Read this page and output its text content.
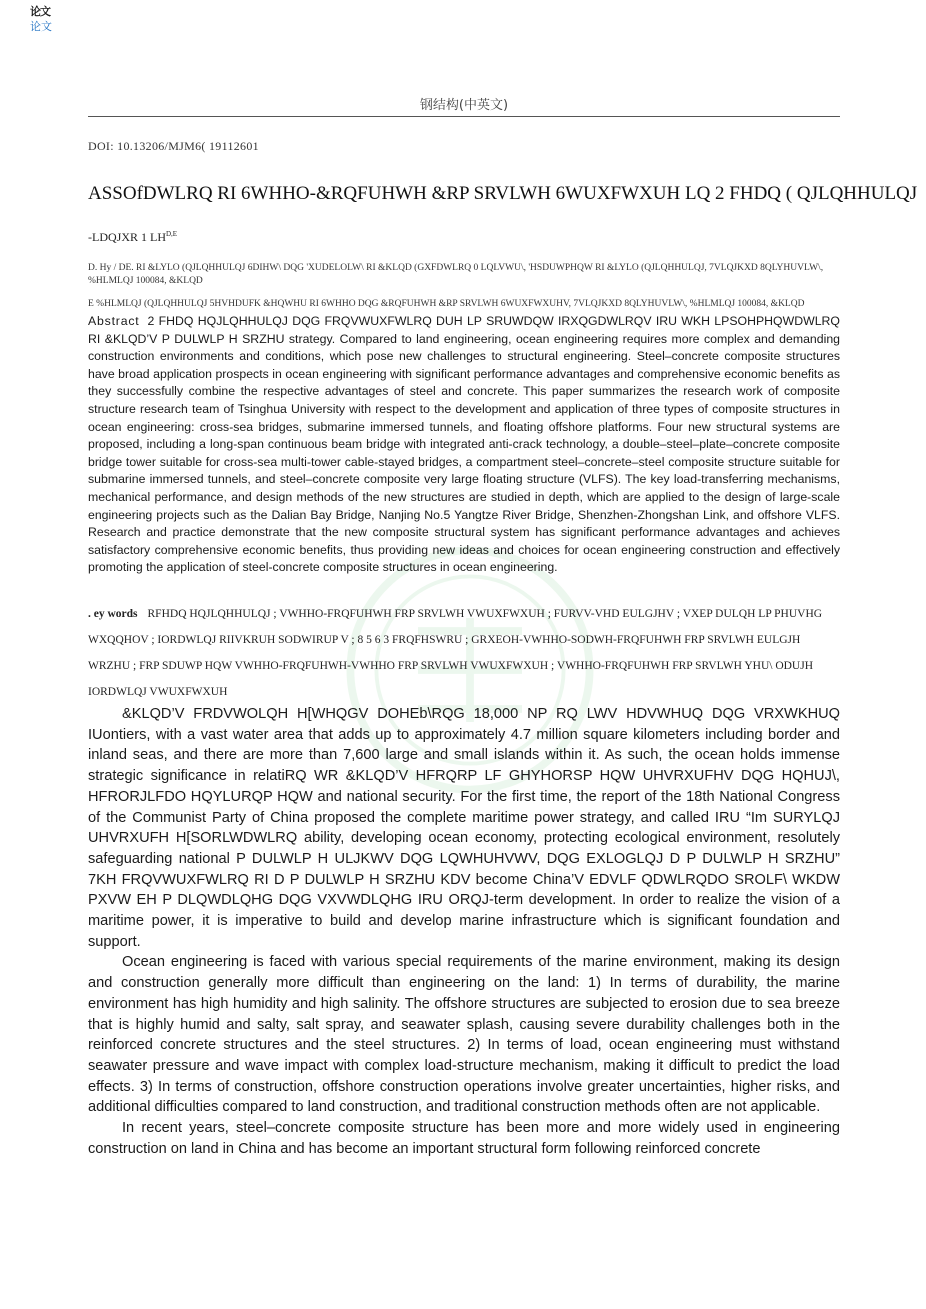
论文
论文
钢结构(中英文)
DOI: 10.13206/MJM6( 19112601
ASSOfDWLRQ RI 6WHHO-&RQFUHWH &RP SRVLWH 6WUXFWXUH LQ 2 FHDQ ( QJLQHHULQJ
-LDQJXR 1 $LH^{D,E}$
D. Hy / DE. RI &LYLO (QJLQHHULQJ 6DIHW\ DQG 'XUDELOLW\ RI &KLQD (GXFDWLRQ 0 LQLVWU\, 'HSDUWPHQW RI &LYLO (QJLQHHULQJ, 7VLQJKXD 8QLYHUVLW\, %HLMLQJ 100084, &KLQD
E %HLMLQJ (QJLQHHULQJ 5HVHDUFK &HQWHU RI 6WHHO DQG &RQFUHWH &RP SRVLWH 6WUXFWXUHV, 7VLQJKXD 8QLYHUVLW\, %HLMLQJ 100084, &KLQD

Abstract 2 FHDQ HQJLQHHULQJ DQG FRQVWUXFWLRQ DUH LP SRUWDQW IRXQGDWLRQV IRU WKH LPSOHPHQWDWLRQ RI &KLQD’V P DULWLP H SRZHU strategy. Compared to land engineering, ocean engineering requires more complex and demanding construction environments and conditions, which pose new challenges to structural engineering. Steel–concrete composite structures have broad application prospects in ocean engineering with significant performance advantages and comprehensive economic benefits as they successfully combine the respective advantages of steel and concrete. This paper summarizes the research work of composite structure research team of Tsinghua University with respect to the development and application of three types of composite structures in ocean engineering: cross-sea bridges, submarine immersed tunnels, and floating offshore platforms. Four new structural systems are proposed, including a long-span continuous beam bridge with integrated anti-crack technology, a double–steel–plate–concrete composite bridge tower suitable for cross-sea multi-tower cable-stayed bridges, a compartment steel–concrete–steel composite structure suitable for submarine immersed tunnels, and steel–concrete composite very large floating structure (VLFS). The key load-transferring mechanisms, mechanical performance, and design methods of the new structures are studied in depth, which are applied to the design of large-scale engineering projects such as the Dalian Bay Bridge, Nanjing No.5 Yangtze River Bridge, Shenzhen-Zhongshan Link, and offshore VLFS. Research and practice demonstrate that the new composite structural system has significant performance advantages and achieves satisfactory comprehensive economic benefits, thus providing new ideas and choices for ocean engineering construction and effectively promoting the application of steel-concrete composite structures in ocean engineering.

. ey words RFHDQ HQJLQHHULQJ ; VWHHO-FRQFUHWH FRP SRVLWH VWUXFWXUH ; FURVV-VHD EULGJHV ; VXEP DULQH LP PHUVHG WXQQHOV ; IORDWLQJ RIIVKRUH SODWIRUP V ; 8 5 6 3 FRQFHSWRU ; GRXEOH-VWHHO-SODWH-FRQFUHWH FRP SRVLWH EULGJH WRZHU ; FRP SDUWP HQW VWHHO-FRQFUHWH-VWHHO FRP SRVLWH VWUXFWXUH ; VWHHO-FRQFUHWH FRP SRVLWH YHU\ ODUJH IORDWLQJ VWUXFWXUH

&KLQD’V FRDVWOLQH H[WHQGV DOHEb\RQG 18,000 NP RQ LWV HDVWHUQ DQG VRXWKHUQ IUontiers, with a vast water area that adds up to approximately 4.7 million square kilometers including border and inland seas, and there are more than 7,600 large and small islands within it. As such, the ocean holds immense strategic significance in relatiRQ WR &KLQD’V HFRQRP LF GHYHORSP HQW UHVRXUFHV DQG HQHUJ\, HFRORJLFDO HQYLURQP HQW and national security. For the first time, the report of the 18th National Congress of the Communist Party of China proposed the complete maritime power strategy, and called IRU “Im SURYLQJ UHVRXUFH H[SORLWDWLRQ ability, developing ocean economy, protecting ecological environment, resolutely safeguarding national P DULWLP H ULJKWV DQG LQWHUHVWV, DQG EXLOGLQJ D P DULWLP H SRZHU” 7KH FRQVWUXFWLRQ RI D P DULWLP H SRZHU KDV become China’V EDVLF QDWLRQDO SROLF\ WKDW PXVW EH P DLQWDLQHG DQG VXVWDLQHG IRU ORQJ-term development. In order to realize the vision of a maritime power, it is imperative to build and develop marine infrastructure which is significant foundation and support.

Ocean engineering is faced with various special requirements of the marine environment, making its design and construction generally more difficult than engineering on the land: 1) In terms of durability, the marine environment has high humidity and high salinity. The offshore structures are subjected to erosion due to sea breeze that is highly humid and salty, salt spray, and seawater splash, causing severe durability challenges both in the reinforced concrete structures and the steel structures. 2) In terms of load, ocean engineering must withstand seawater pressure and wave impact with complex load-structure mechanism, making it difficult to predict the load effects. 3) In terms of construction, offshore construction operations involve greater uncertainties, higher risks, and additional difficulties compared to land construction, and traditional construction methods often are not applicable.

In recent years, steel–concrete composite structure has been more and more widely used in engineering construction on land in China and has become an important structural form following reinforced concrete
